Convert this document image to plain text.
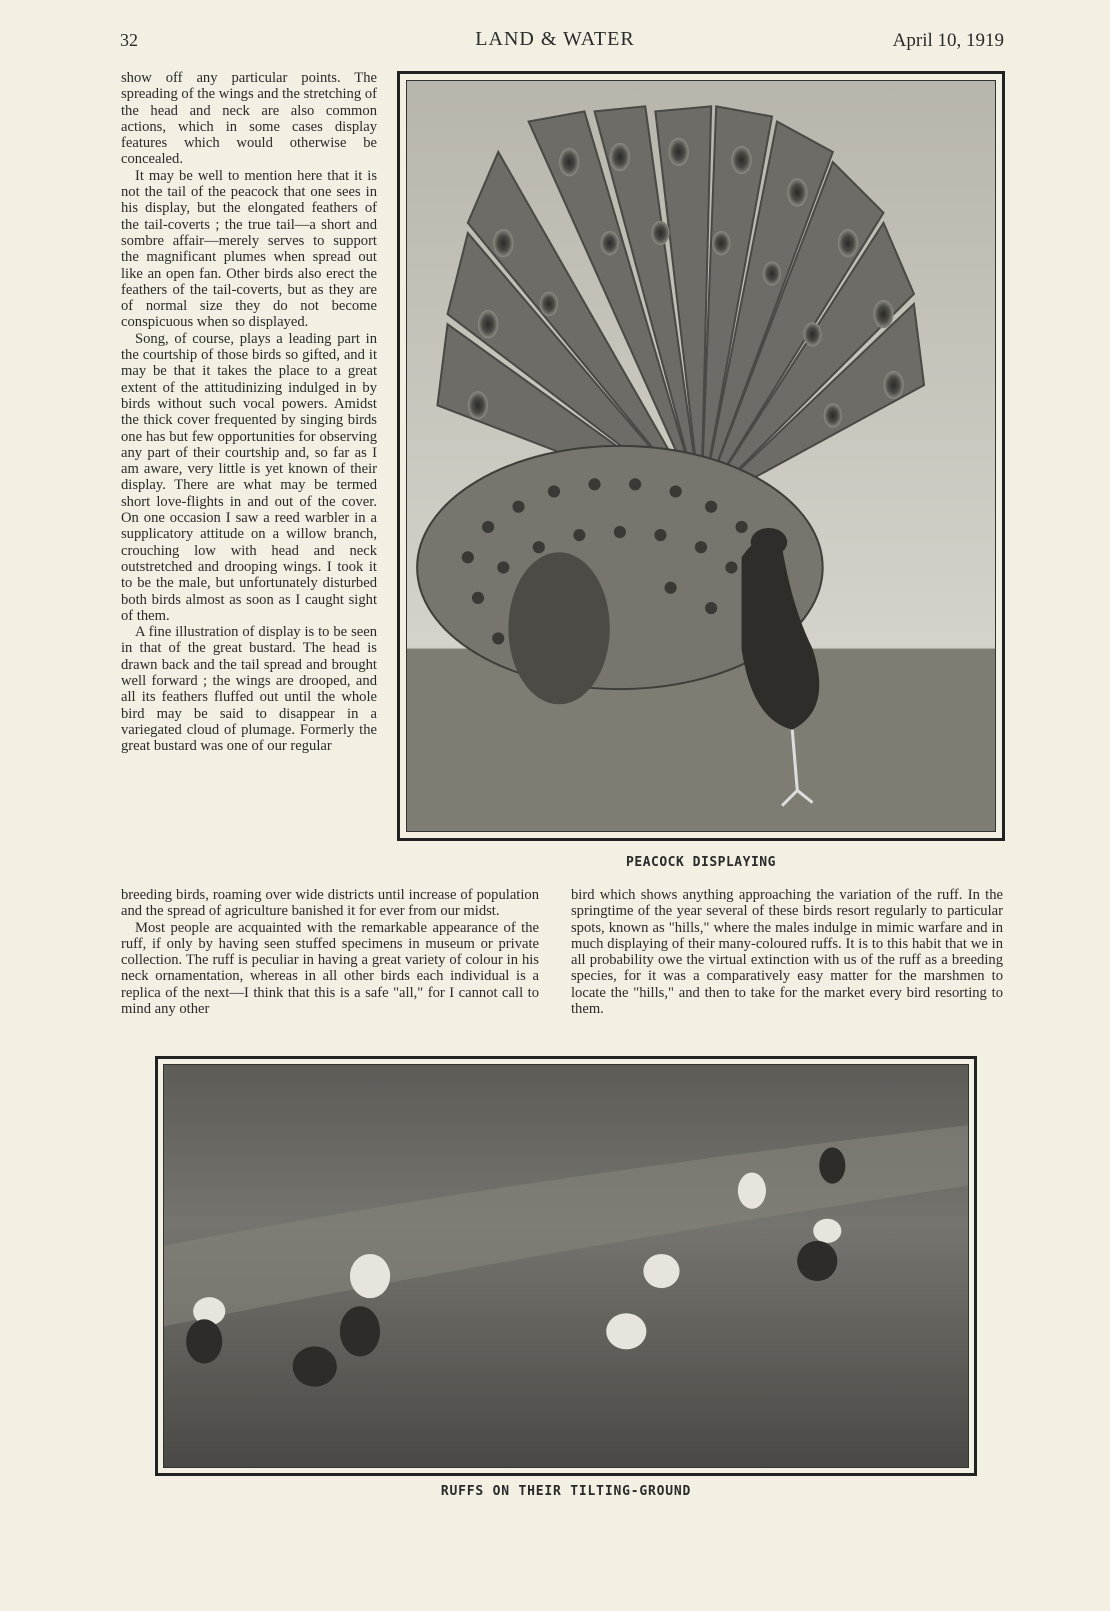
32	LAND & WATER	April 10, 1919

show off any particular points. The spreading of the wings and the stretching of the head and neck are also common actions, which in some cases display features which would otherwise be concealed.

It may be well to mention here that it is not the tail of the peacock that one sees in his display, but the elongated feathers of the tail-coverts ; the true tail—a short and sombre affair—merely serves to support the magnificant plumes when spread out like an open fan. Other birds also erect the feathers of the tail-coverts, but as they are of normal size they do not become conspicuous when so displayed.

Song, of course, plays a leading part in the courtship of those birds so gifted, and it may be that it takes the place to a great extent of the attitudinizing indulged in by birds without such vocal powers. Amidst the thick cover frequented by singing birds one has but few opportunities for observing any part of their courtship and, so far as I am aware, very little is yet known of their display. There are what may be termed short love-flights in and out of the cover. On one occasion I saw a reed warbler in a supplicatory attitude on a willow branch, crouching low with head and neck outstretched and drooping wings. I took it to be the male, but unfortunately disturbed both birds almost as soon as I caught sight of them.

A fine illustration of display is to be seen in that of the great bustard. The head is drawn back and the tail spread and brought well forward ; the wings are drooped, and all its feathers fluffed out until the whole bird may be said to disappear in a variegated cloud of plumage. Formerly the great bustard was one of our regular

PEACOCK DISPLAYING

breeding birds, roaming over wide districts until increase of population and the spread of agriculture banished it for ever from our midst.

Most people are acquainted with the remarkable appearance of the ruff, if only by having seen stuffed specimens in museum or private collection. The ruff is peculiar in having a great variety of colour in his neck ornamentation, whereas in all other birds each individual is a replica of the next—I think that this is a safe "all," for I cannot call to mind any other

bird which shows anything approaching the variation of the ruff. In the springtime of the year several of these birds resort regularly to particular spots, known as "hills," where the males indulge in mimic warfare and in much displaying of their many-coloured ruffs. It is to this habit that we in all probability owe the virtual extinction with us of the ruff as a breeding species, for it was a comparatively easy matter for the marshmen to locate the "hills," and then to take for the market every bird resorting to them.

RUFFS ON THEIR TILTING-GROUND
